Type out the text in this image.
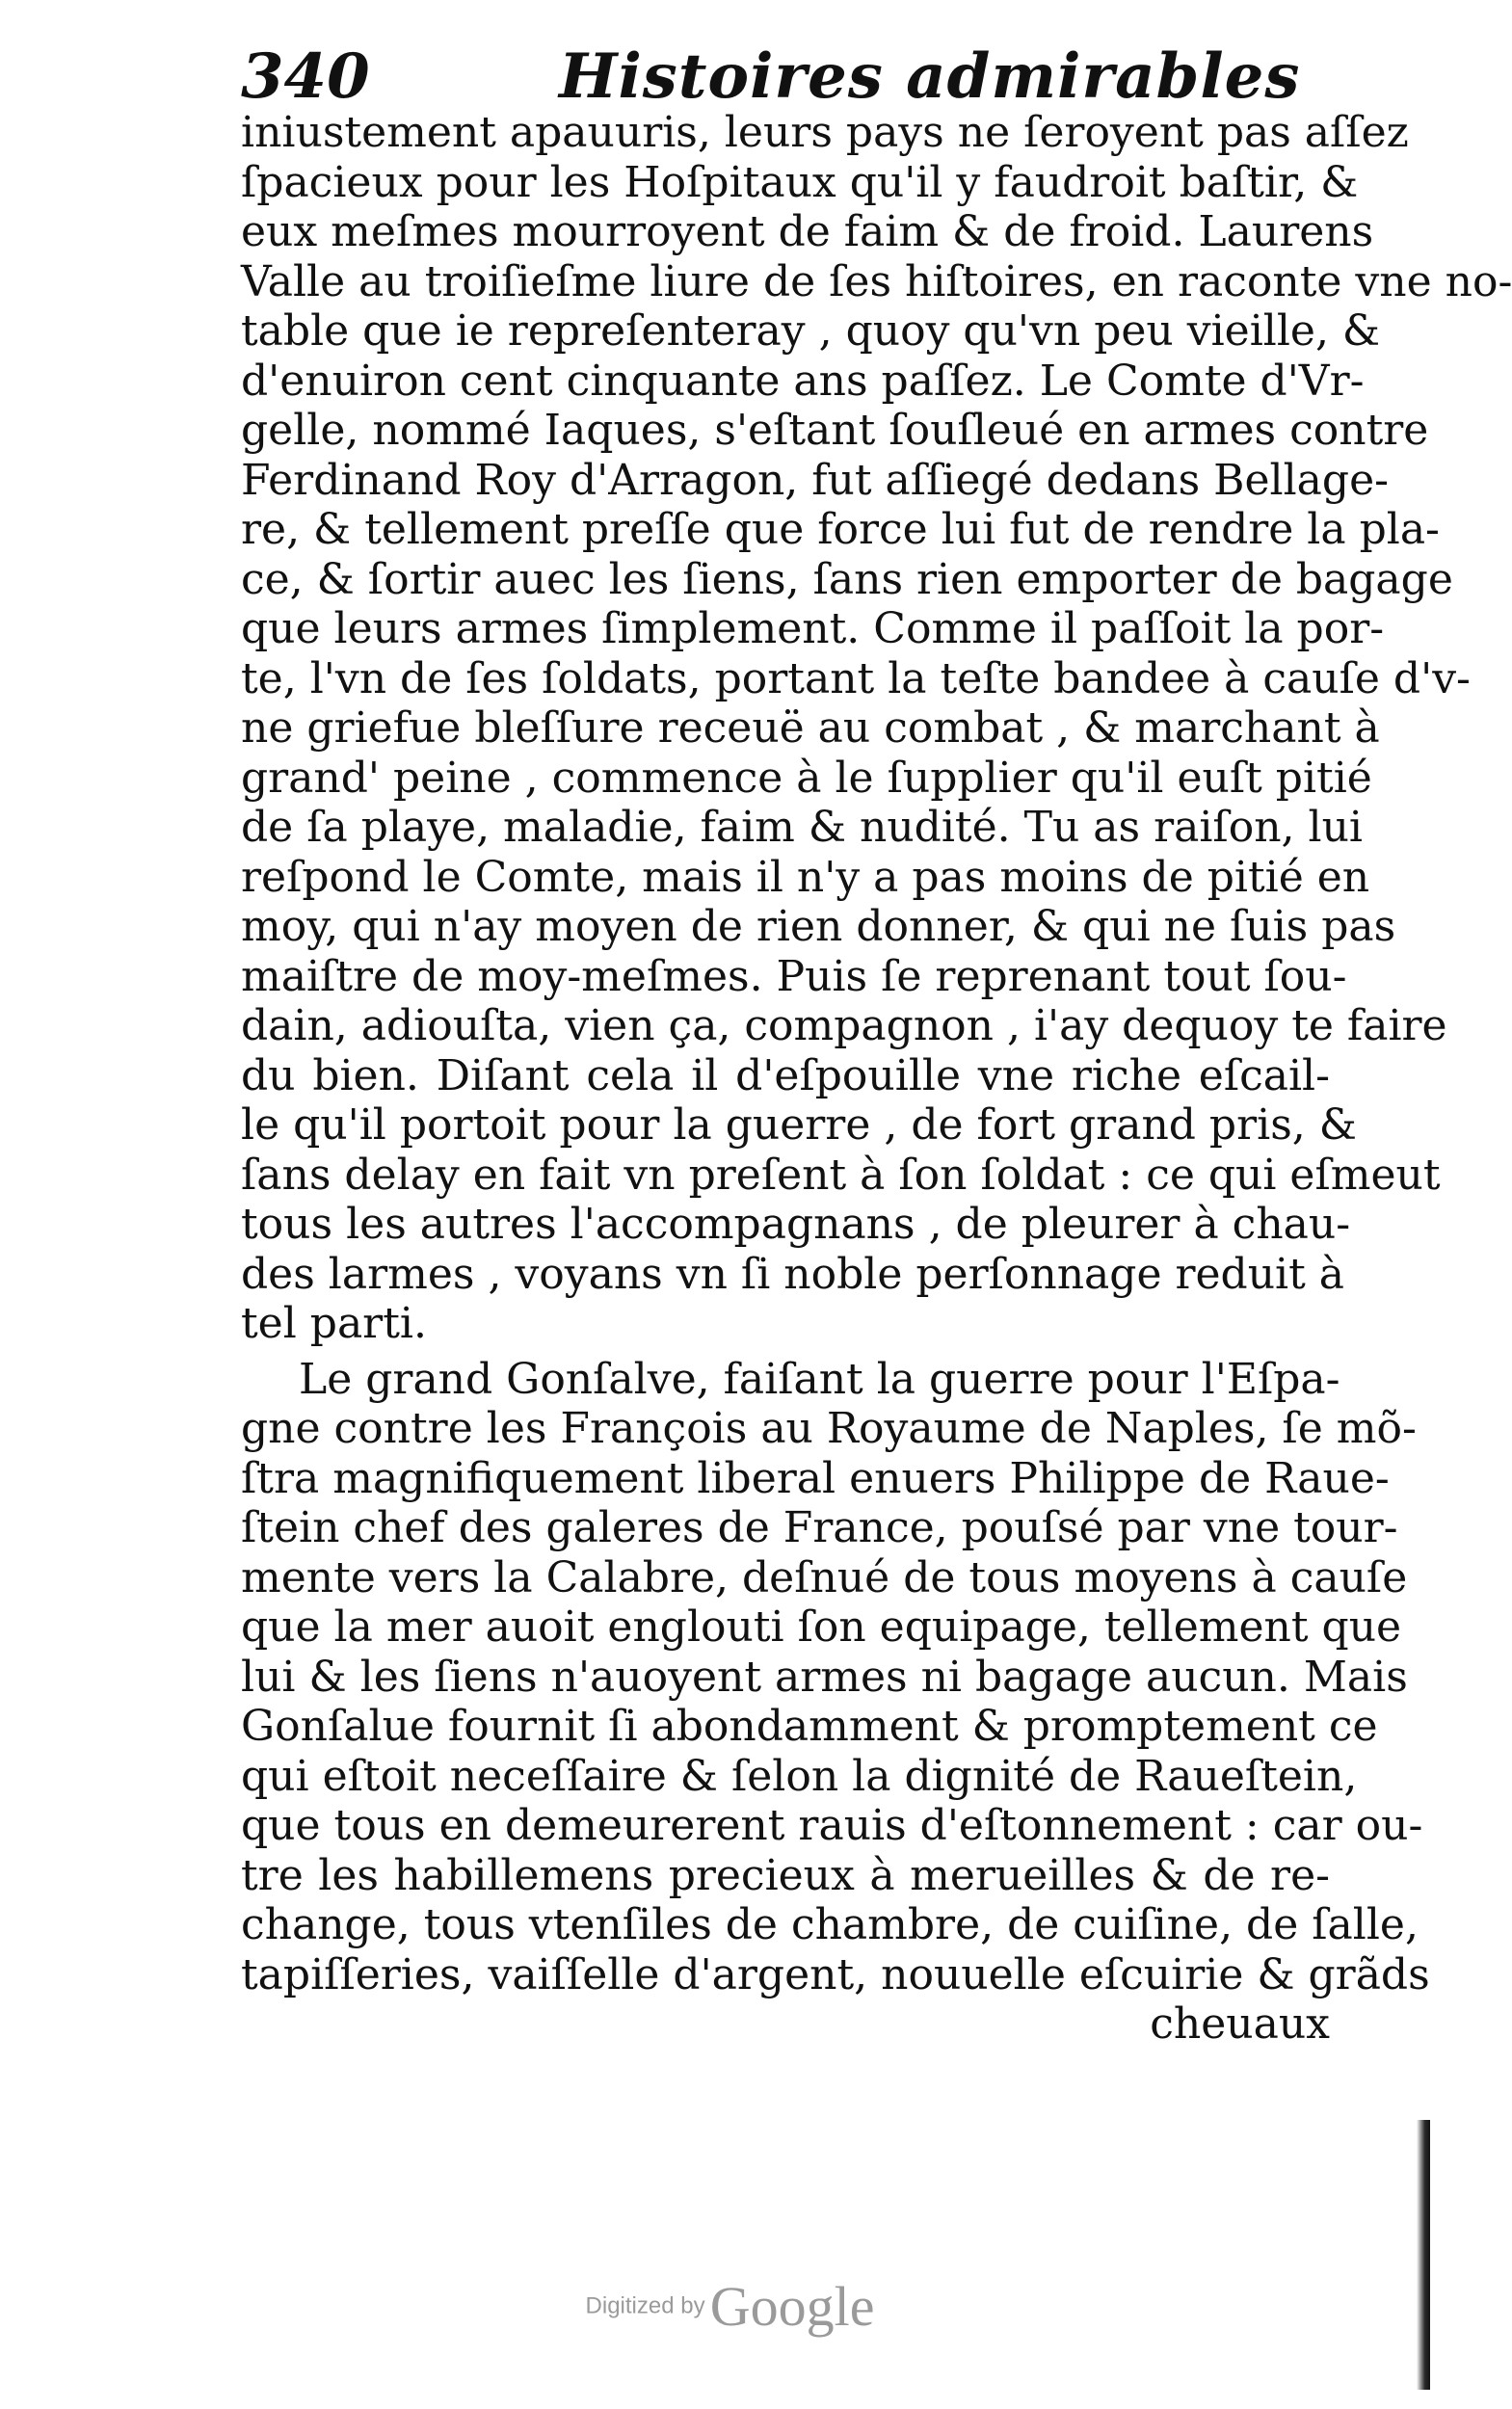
340	Histoires admirables
iniustement apauuris, leurs pays ne ſeroyent pas aſſez
ſpacieux pour les Hoſpitaux qu'il y faudroit baſtir, &
eux meſmes mourroyent de faim & de froid. Laurens
Valle au troiſieſme liure de ſes hiſtoires, en raconte vne no-
table que ie repreſenteray , quoy qu'vn peu vieille, &
d'enuiron cent cinquante ans paſſez. Le Comte d'Vr-
gelle, nommé Iaques, s'eſtant ſouſleué en armes contre
Ferdinand Roy d'Arragon, fut aſſiegé dedans Bellage-
re, & tellement preſſe que force lui fut de rendre la pla-
ce, & ſortir auec les ſiens, ſans rien emporter de bagage
que leurs armes ſimplement. Comme il paſſoit la por-
te, l'vn de ſes ſoldats, portant la teſte bandee à cauſe d'v-
ne griefue bleſſure receuë au combat , & marchant à
grand' peine , commence à le ſupplier qu'il euſt pitié
de ſa playe, maladie, faim & nudité. Tu as raiſon, lui
reſpond le Comte, mais il n'y a pas moins de pitié en
moy, qui n'ay moyen de rien donner, & qui ne ſuis pas
maiſtre de moy-meſmes. Puis ſe reprenant tout ſou-
dain, adiouſta, vien ça, compagnon , i'ay dequoy te faire
du bien. Diſant cela il d'eſpouille vne riche eſcail-
le qu'il portoit pour la guerre , de fort grand pris, &
ſans delay en fait vn preſent à ſon ſoldat : ce qui eſmeut
tous les autres l'accompagnans , de pleurer à chau-
des larmes , voyans vn ſi noble perſonnage reduit à
tel parti.
Le grand Gonſalve, faiſant la guerre pour l'Eſpa-
gne contre les François au Royaume de Naples, ſe mõ-
ſtra magnifiquement liberal enuers Philippe de Raue-
ſtein chef des galeres de France, pouſsé par vne tour-
mente vers la Calabre, deſnué de tous moyens à cauſe
que la mer auoit englouti ſon equipage, tellement que
lui & les ſiens n'auoyent armes ni bagage aucun. Mais
Gonſalue fournit ſi abondamment & promptement ce
qui eſtoit neceſſaire & ſelon la dignité de Raueſtein,
que tous en demeurerent rauis d'eſtonnement : car ou-
tre les habillemens precieux à merueilles & de re-
change, tous vtenſiles de chambre, de cuiſine, de ſalle,
tapiſſeries, vaiſſelle d'argent, nouuelle eſcuirie & grãds
cheuaux
Digitized by Google
